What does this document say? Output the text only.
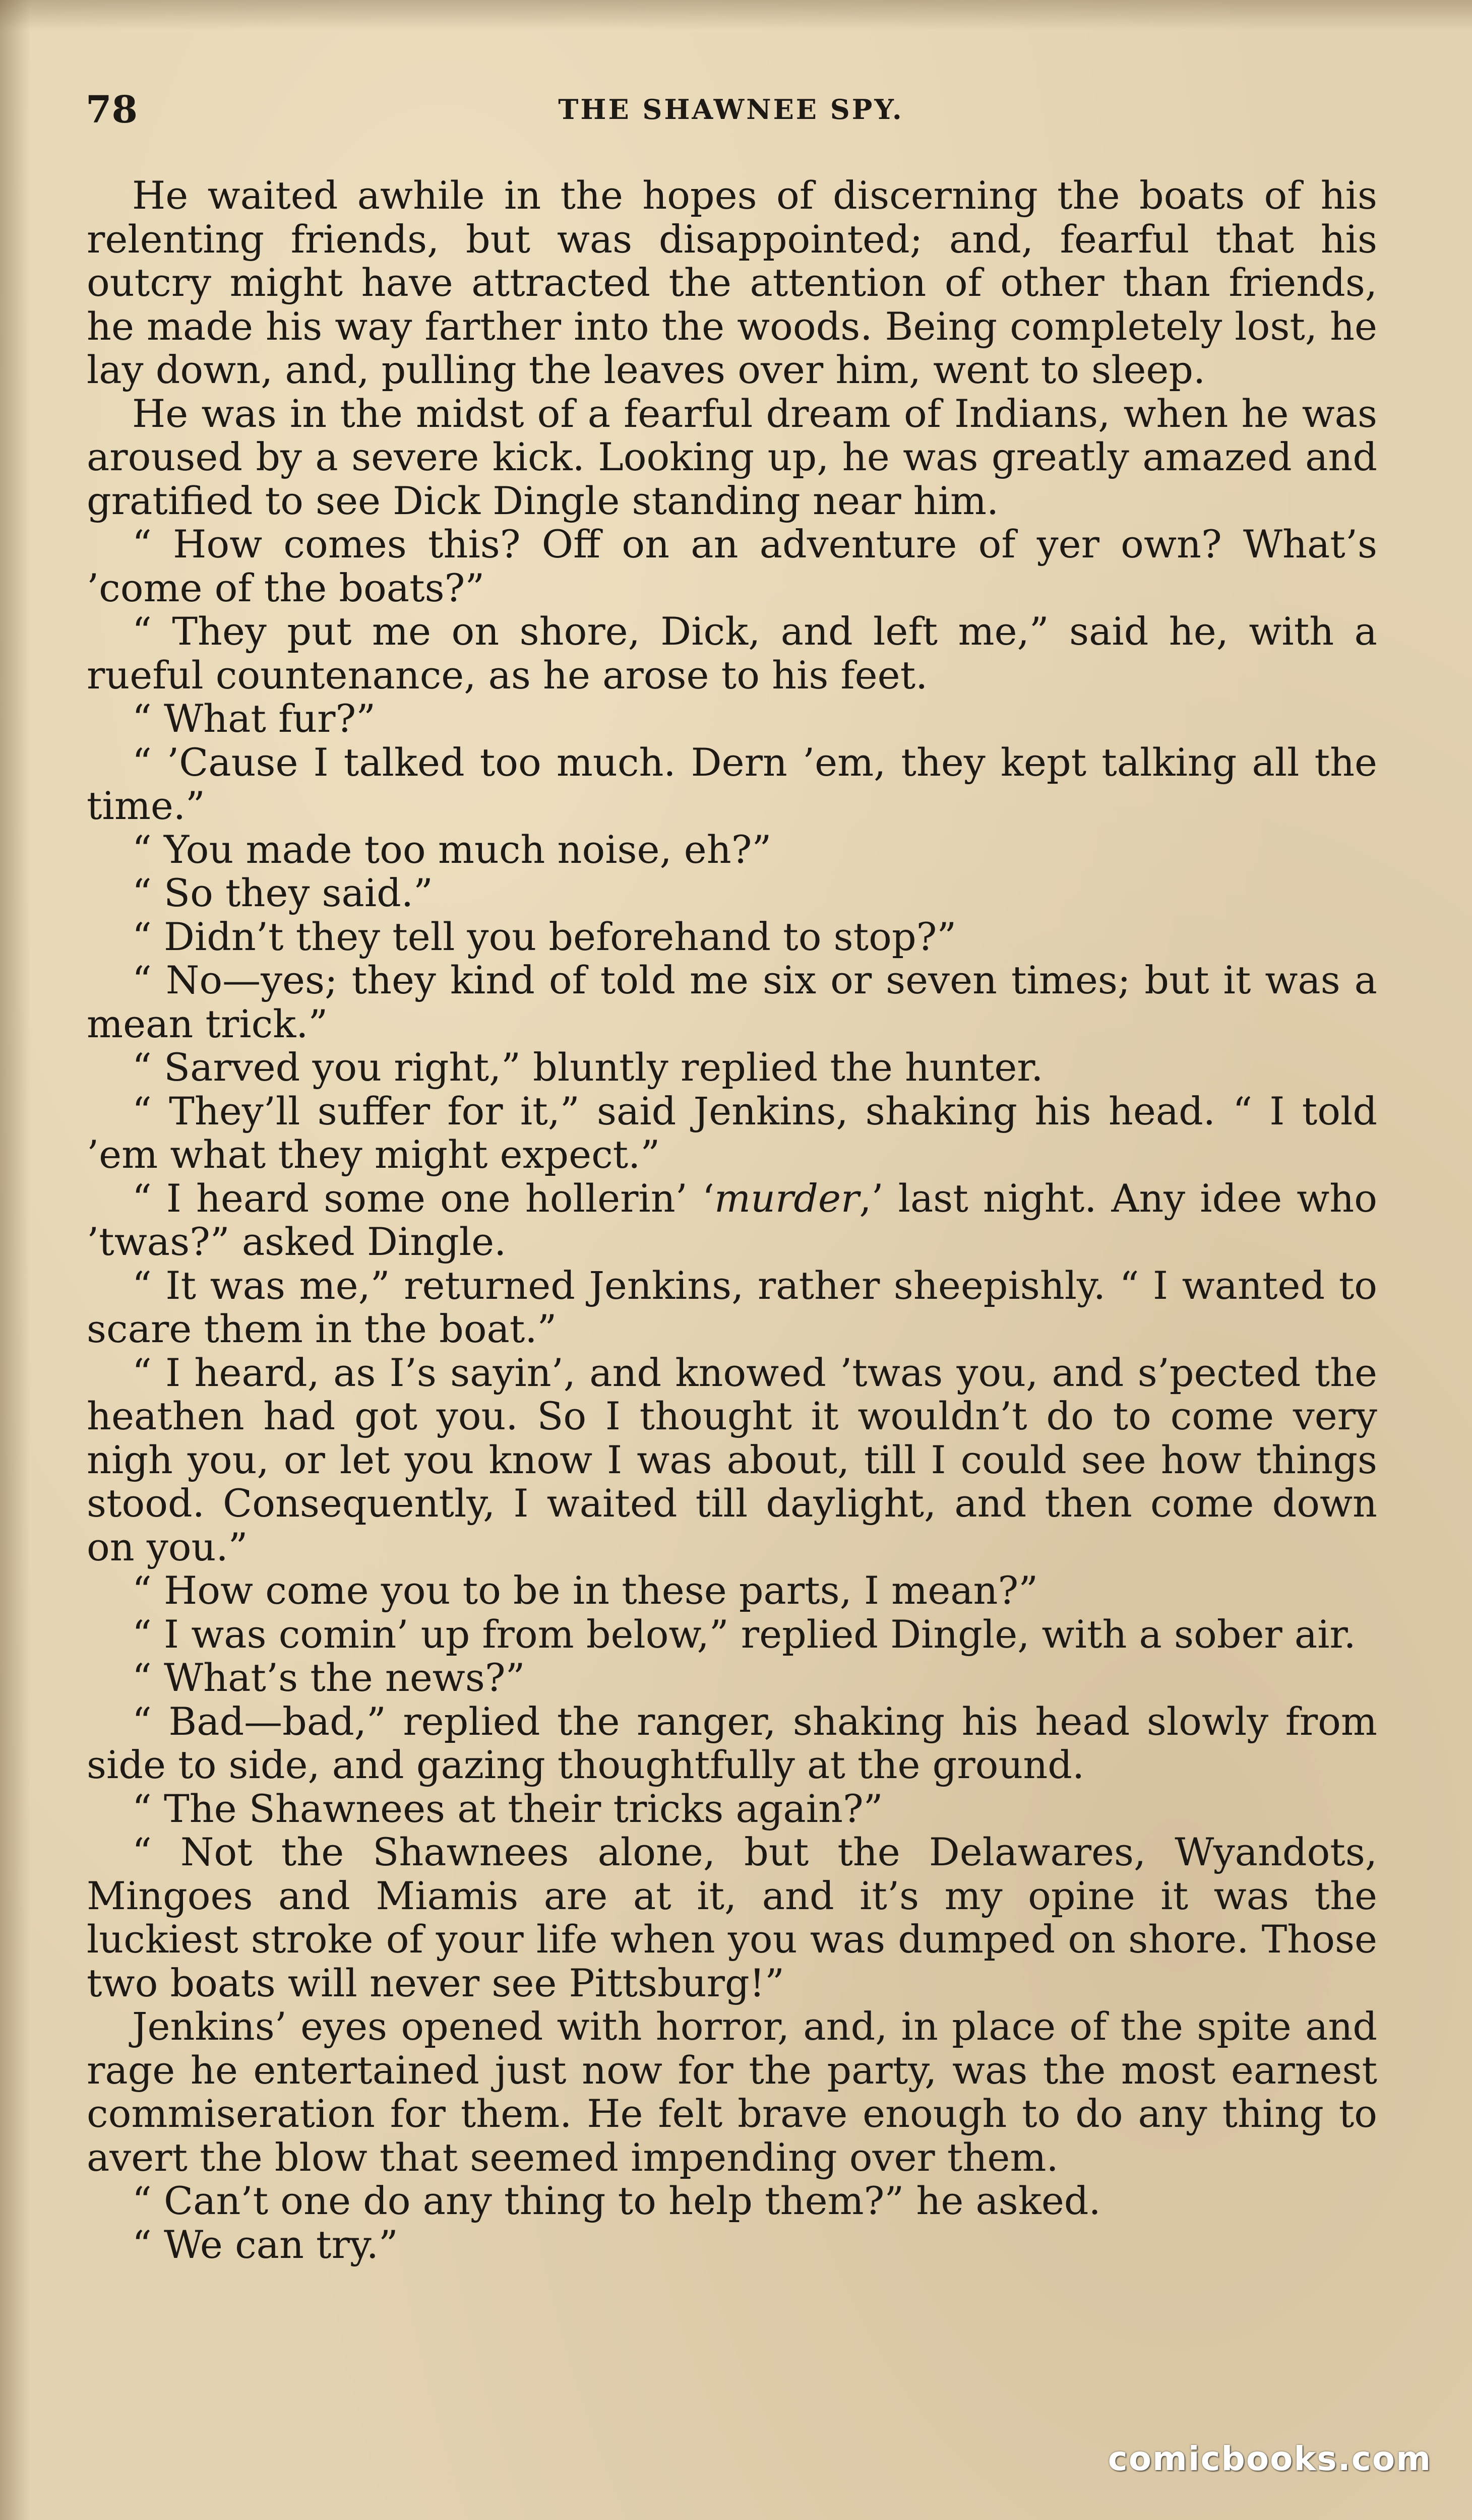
78	THE SHAWNEE SPY.

He waited awhile in the hopes of discerning the boats of his relenting friends, but was disappointed; and, fearful that his outcry might have attracted the attention of other than friends, he made his way farther into the woods. Being completely lost, he lay down, and, pulling the leaves over him, went to sleep.

He was in the midst of a fearful dream of Indians, when he was aroused by a severe kick. Looking up, he was greatly amazed and gratified to see Dick Dingle standing near him.

“ How comes this? Off on an adventure of yer own? What’s ’come of the boats?”

“ They put me on shore, Dick, and left me,” said he, with a rueful countenance, as he arose to his feet.

“ What fur?”

“ ’Cause I talked too much. Dern ’em, they kept talking all the time.”

“ You made too much noise, eh?”

“ So they said.”

“ Didn’t they tell you beforehand to stop?”

“ No—yes; they kind of told me six or seven times; but it was a mean trick.”

“ Sarved you right,” bluntly replied the hunter.

“ They’ll suffer for it,” said Jenkins, shaking his head. “ I told ’em what they might expect.”

“ I heard some one hollerin’ ‘murder,’ last night. Any idee who ’twas?” asked Dingle.

“ It was me,” returned Jenkins, rather sheepishly. “ I wanted to scare them in the boat.”

“ I heard, as I’s sayin’, and knowed ’twas you, and s’pected the heathen had got you. So I thought it wouldn’t do to come very nigh you, or let you know I was about, till I could see how things stood. Consequently, I waited till daylight, and then come down on you.”

“ How come you to be in these parts, I mean?”

“ I was comin’ up from below,” replied Dingle, with a sober air.

“ What’s the news?”

“ Bad—bad,” replied the ranger, shaking his head slowly from side to side, and gazing thoughtfully at the ground.

“ The Shawnees at their tricks again?”

“ Not the Shawnees alone, but the Delawares, Wyandots, Mingoes and Miamis are at it, and it’s my opine it was the luckiest stroke of your life when you was dumped on shore. Those two boats will never see Pittsburg!”

Jenkins’ eyes opened with horror, and, in place of the spite and rage he entertained just now for the party, was the most earnest commiseration for them. He felt brave enough to do any thing to avert the blow that seemed impending over them.

“ Can’t one do any thing to help them?” he asked.

“ We can try.”

comicbooks.com
